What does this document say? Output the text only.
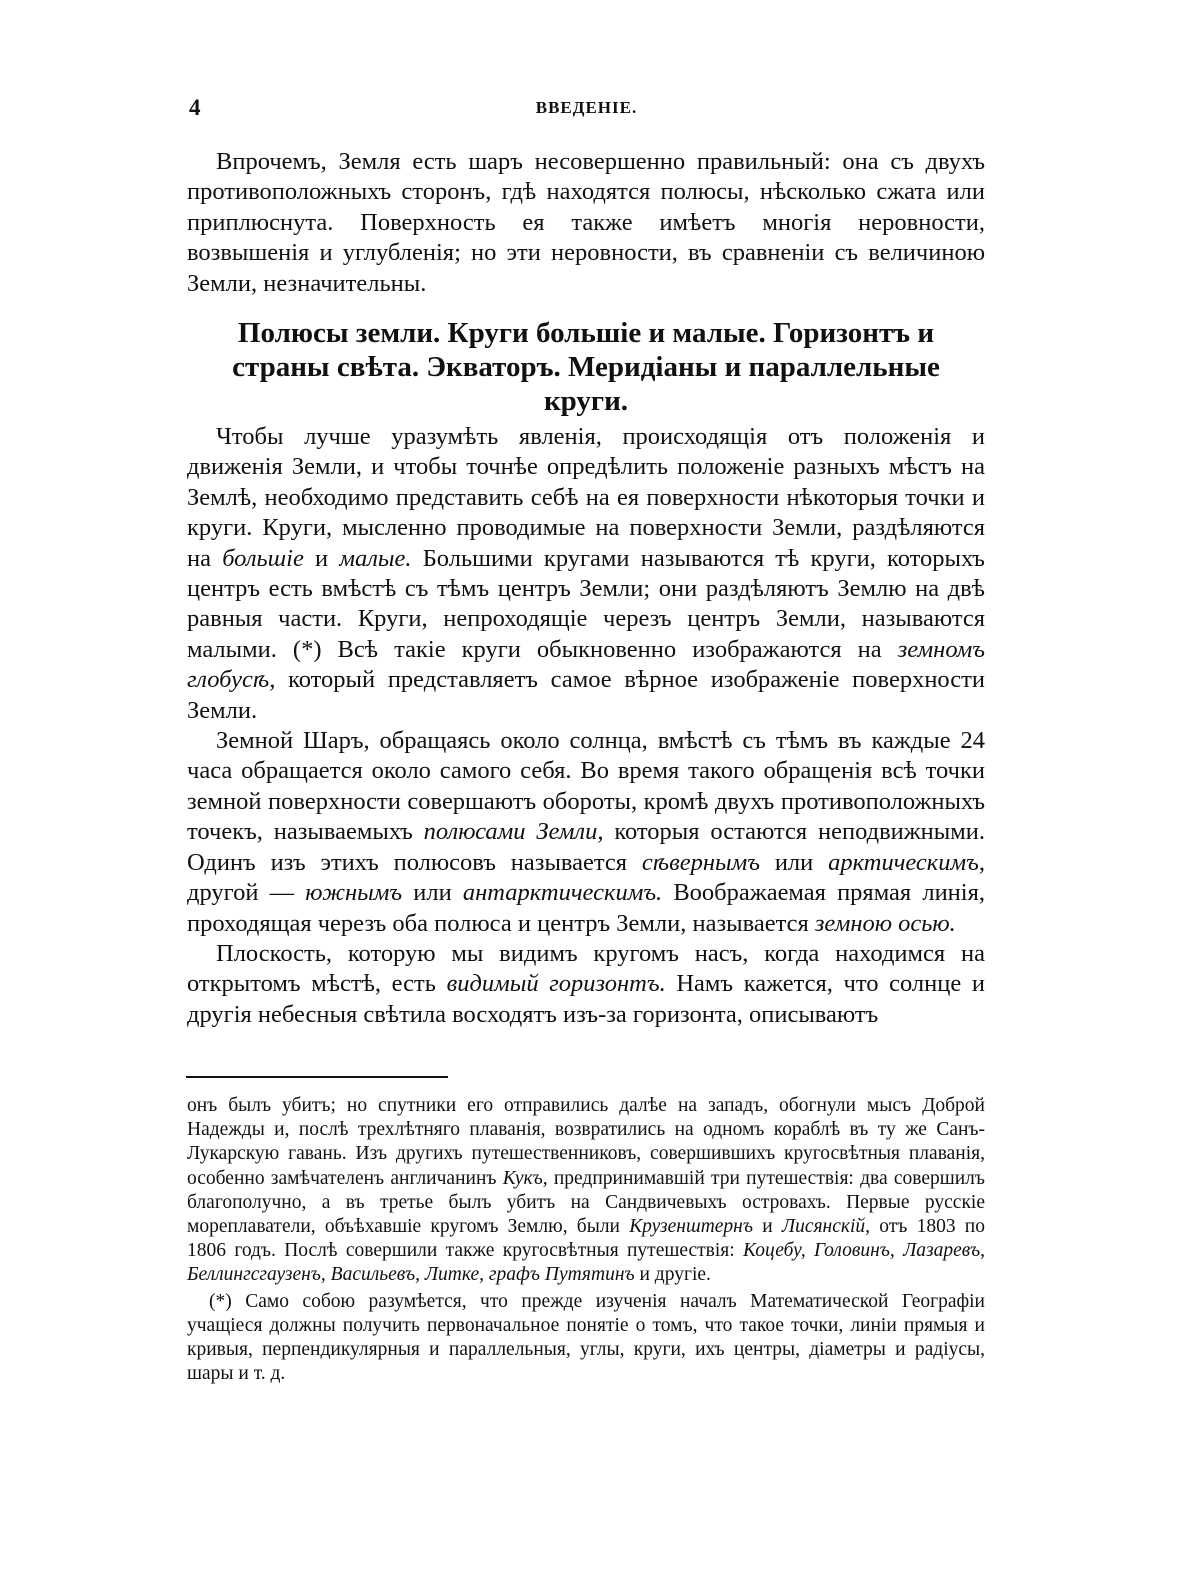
4	ВВЕДЕНIЕ.

Впрочемъ, Земля есть шаръ несовершенно правильный: она съ двухъ противоположныхъ сторонъ, гдѣ находятся полюсы, нѣсколько сжата или приплюснута. Поверхность ея также имѣетъ многiя неровности, возвышенiя и углубленiя; но эти неровности, въ сравненiи съ величиною Земли, незначительны.

Полюсы земли. Круги большiе и малые. Горизонтъ и страны свѣта. Экваторъ. Меридiаны и параллельные круги.

Чтобы лучше уразумѣть явленiя, происходящiя отъ положенiя и движенiя Земли, и чтобы точнѣе опредѣлить положенiе разныхъ мѣстъ на Землѣ, необходимо представить себѣ на ея поверхности нѣкоторыя точки и круги. Круги, мысленно проводимые на поверхности Земли, раздѣляются на большiе и малые. Большими кругами называются тѣ круги, которыхъ центръ есть вмѣстѣ съ тѣмъ центръ Земли; они раздѣляютъ Землю на двѣ равныя части. Круги, непроходящiе черезъ центръ Земли, называются малыми. (*) Всѣ такiе круги обыкновенно изображаются на земномъ глобусѣ, который представляетъ самое вѣрное изображенiе поверхности Земли.

Земной Шаръ, обращаясь около солнца, вмѣстѣ съ тѣмъ въ каждые 24 часа обращается около самого себя. Во время такого обращенiя всѣ точки земной поверхности совершаютъ обороты, кромѣ двухъ противоположныхъ точекъ, называемыхъ полюсами Земли, которыя остаются неподвижными. Одинъ изъ этихъ полюсовъ называется сѣвернымъ или арктическимъ, другой — южнымъ или антарктическимъ. Воображаемая прямая линiя, проходящая черезъ оба полюса и центръ Земли, называется земною осью.

Плоскость, которую мы видимъ кругомъ насъ, когда находимся на открытомъ мѣстѣ, есть видимый горизонтъ. Намъ кажется, что солнце и другiя небесныя свѣтила восходятъ изъ-за горизонта, описываютъ

онъ былъ убитъ; но спутники его отправились далѣе на западъ, обогнули мысъ Доброй Надежды и, послѣ трехлѣтняго плаванiя, возвратились на одномъ кораблѣ въ ту же Санъ-Лукарскую гавань. Изъ другихъ путешественниковъ, совершившихъ кругосвѣтныя плаванiя, особенно замѣчателенъ англичанинъ Кукъ, предпринимавшiй три путешествiя: два совершилъ благополучно, а въ третье былъ убитъ на Сандвичевыхъ островахъ. Первые русскiе мореплаватели, объѣхавшiе кругомъ Землю, были Крузенштернъ и Лисянскiй, отъ 1803 по 1806 годъ. Послѣ совершили также кругосвѣтныя путешествiя: Коцебу, Головинъ, Лазаревъ, Беллингсгаузенъ, Васильевъ, Литке, графъ Путятинъ и другiе.

(*) Само собою разумѣется, что прежде изученiя началъ Математической Географiи учащiеся должны получить первоначальное понятiе о томъ, что такое точки, линiи прямыя и кривыя, перпендикулярныя и параллельныя, углы, круги, ихъ центры, дiаметры и радiусы, шары и т. д.
